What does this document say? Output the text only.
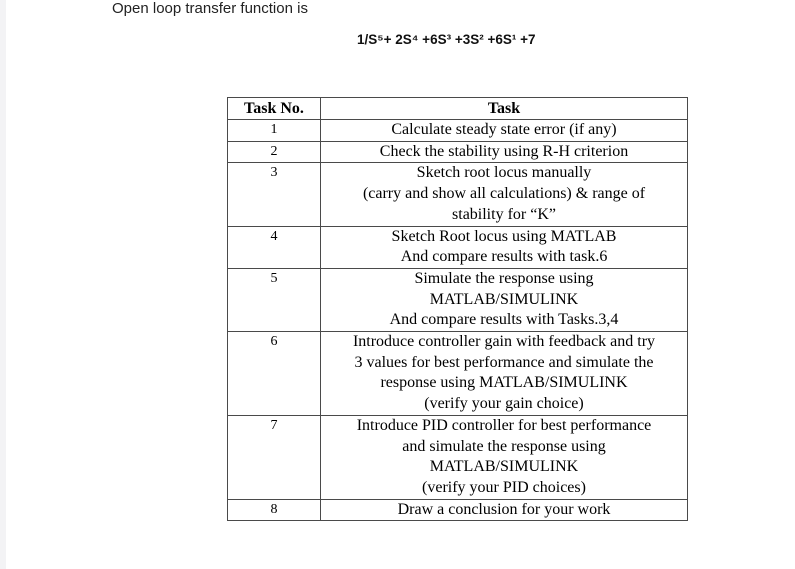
Open loop transfer function is
1/S⁵+ 2S⁴ +6S³ +3S² +6S¹ +7
Task No.	Task
1	Calculate steady state error (if any)

2	Check the stability using R-H criterion

3	Sketch root locus manually
(carry and show all calculations) & range of
stability for “K”

4	Sketch Root locus using MATLAB
And compare results with task.6

5	Simulate the response using
MATLAB/SIMULINK
And compare results with Tasks.3,4

6	Introduce controller gain with feedback and try
3 values for best performance and simulate the
response using MATLAB/SIMULINK
(verify your gain choice)

7	Introduce PID controller for best performance
and simulate the response using
MATLAB/SIMULINK
(verify your PID choices)

8	Draw a conclusion for your work
